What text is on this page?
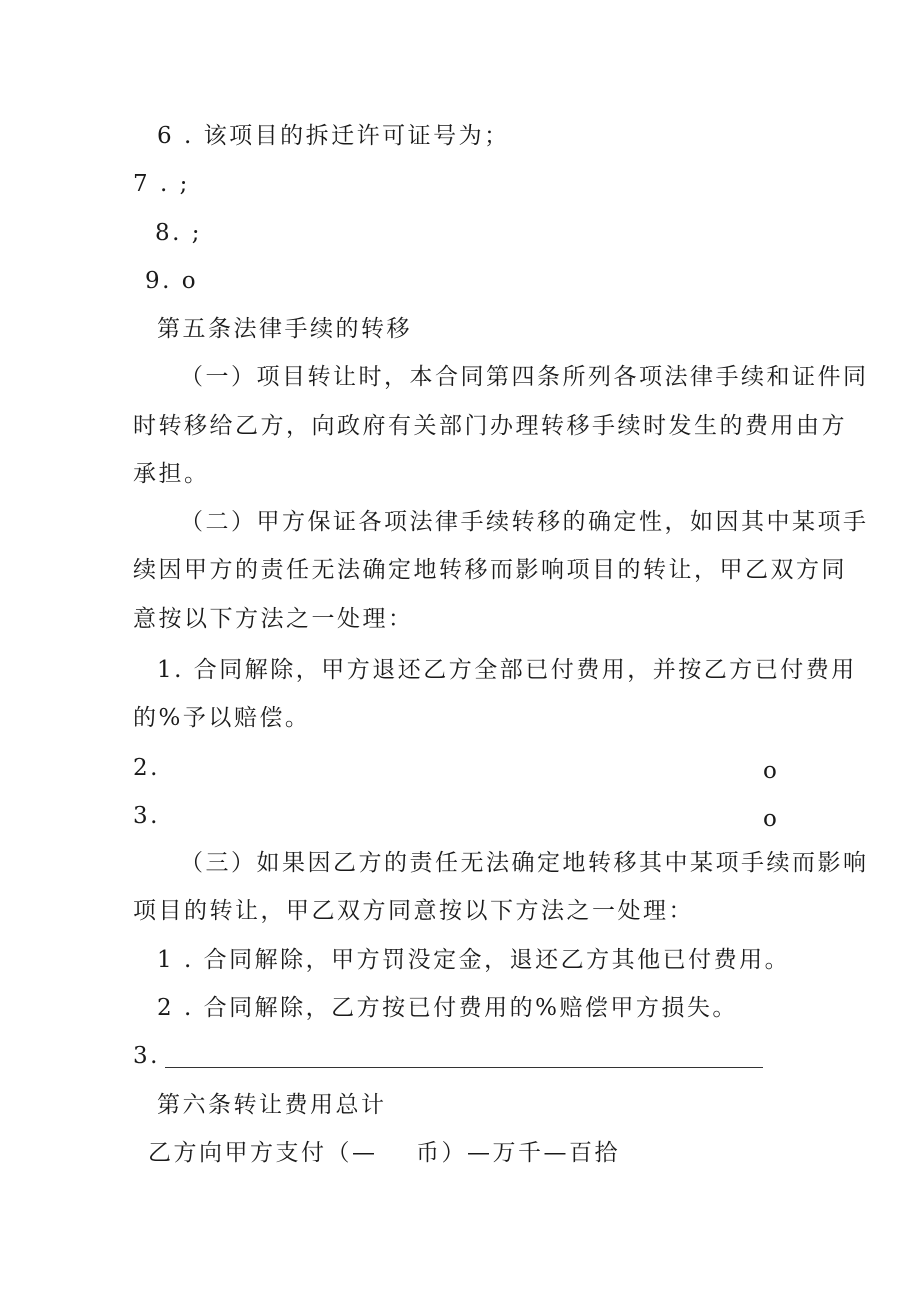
6 . 该项目的拆迁许可证号为；
7 . ;
8. ;
9. o
第五条法律手续的转移
（一）项目转让时，本合同第四条所列各项法律手续和证件同
时转移给乙方，向政府有关部门办理转移手续时发生的费用由方
承担。
（二）甲方保证各项法律手续转移的确定性，如因其中某项手
续因甲方的责任无法确定地转移而影响项目的转让，甲乙双方同
意按以下方法之一处理：
1. 合同解除，甲方退还乙方全部已付费用，并按乙方已付费用
的%予以赔偿。
2.	o
3.	o
（三）如果因乙方的责任无法确定地转移其中某项手续而影响
项目的转让，甲乙双方同意按以下方法之一处理：
1 . 合同解除，甲方罚没定金，退还乙方其他已付费用。
2 . 合同解除，乙方按已付费用的%赔偿甲方损失。
3.
第六条转让费用总计
乙方向甲方支付（— 币）—万千—百拾
